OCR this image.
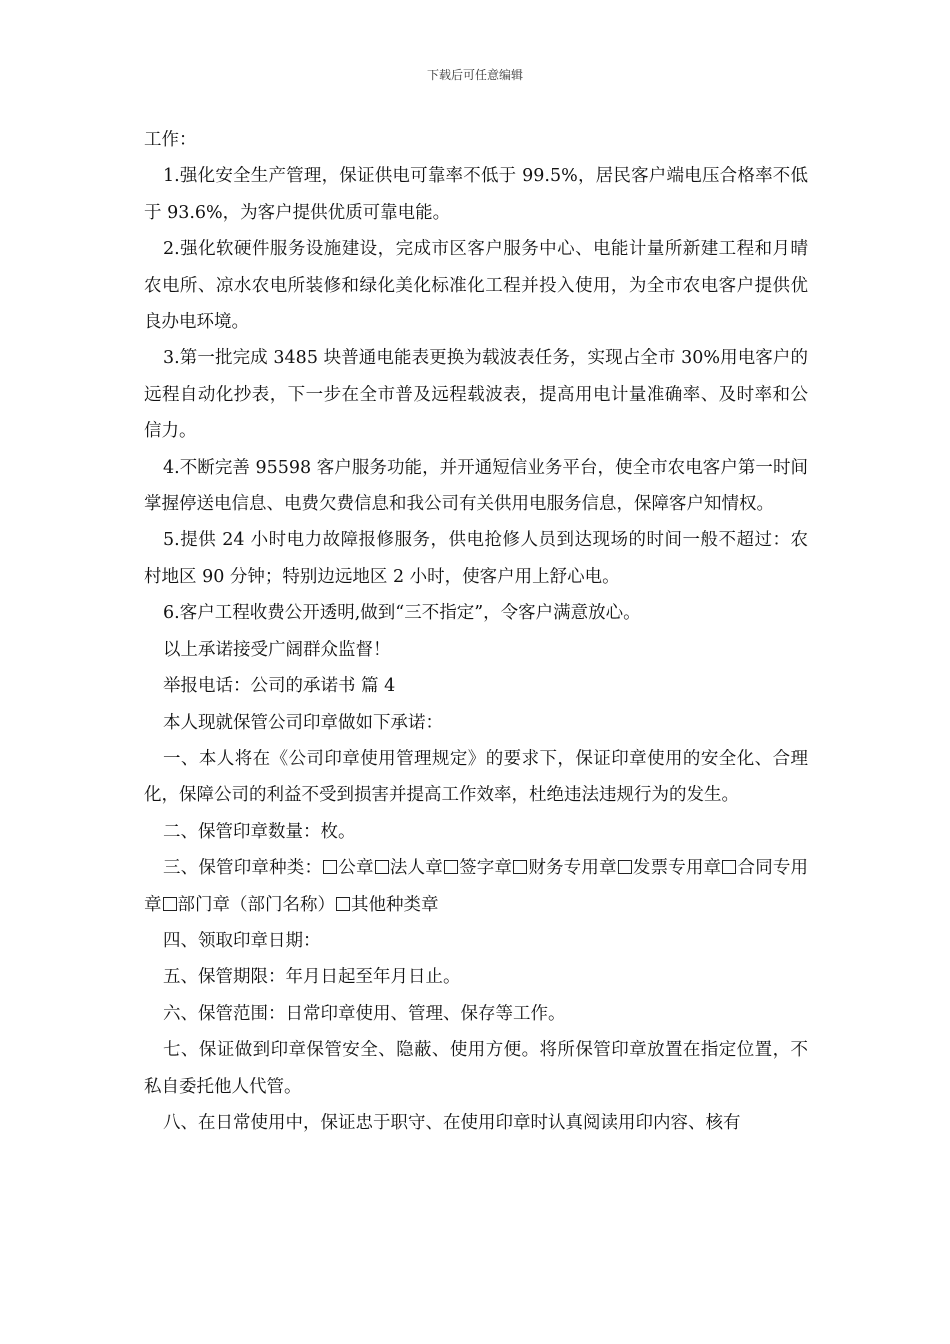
下载后可任意编辑

工作：

1.强化安全生产管理，保证供电可靠率不低于 99.5%，居民客户端电压合格率不低于 93.6%，为客户提供优质可靠电能。

2.强化软硬件服务设施建设，完成市区客户服务中心、电能计量所新建工程和月晴农电所、凉水农电所装修和绿化美化标准化工程并投入使用，为全市农电客户提供优良办电环境。

3.第一批完成 3485 块普通电能表更换为载波表任务，实现占全市 30%用电客户的远程自动化抄表，下一步在全市普及远程载波表，提高用电计量准确率、及时率和公信力。

4.不断完善 95598 客户服务功能，并开通短信业务平台，使全市农电客户第一时间掌握停送电信息、电费欠费信息和我公司有关供用电服务信息，保障客户知情权。

5.提供 24 小时电力故障报修服务，供电抢修人员到达现场的时间一般不超过：农村地区 90 分钟；特别边远地区 2 小时，使客户用上舒心电。

6.客户工程收费公开透明,做到“三不指定”，令客户满意放心。

以上承诺接受广阔群众监督！

举报电话：公司的承诺书 篇 4

本人现就保管公司印章做如下承诺：

一、本人将在《公司印章使用管理规定》的要求下，保证印章使用的安全化、合理化，保障公司的利益不受到损害并提高工作效率，杜绝违法违规行为的发生。

二、保管印章数量：枚。

三、保管印章种类： 公章 法人章 签字章 财务专用章 发票专用章 合同专用章 部门章（部门名称） 其他种类章

四、领取印章日期：

五、保管期限：年月日起至年月日止。

六、保管范围：日常印章使用、管理、保存等工作。

七、保证做到印章保管安全、隐蔽、使用方便。将所保管印章放置在指定位置，不私自委托他人代管。

八、在日常使用中，保证忠于职守、在使用印章时认真阅读用印内容、核有
